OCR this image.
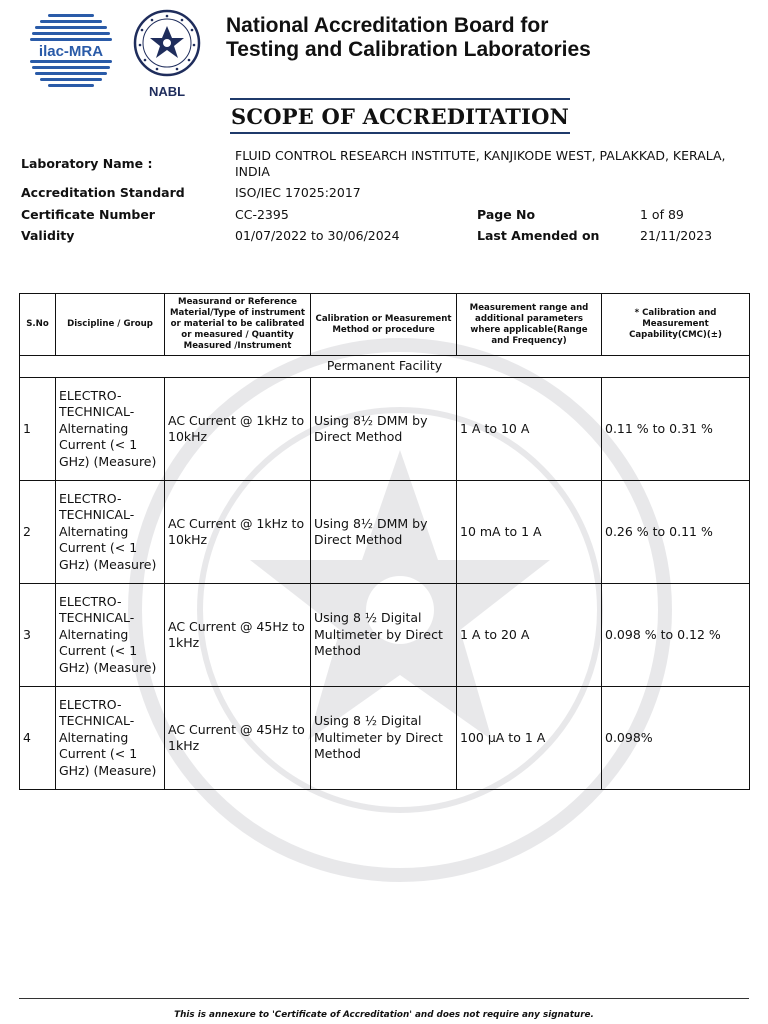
ilac-MRA
NABL
National Accreditation Board for
Testing and Calibration Laboratories
SCOPE OF ACCREDITATION
Laboratory Name :
FLUID CONTROL RESEARCH INSTITUTE, KANJIKODE WEST, PALAKKAD, KERALA,
INDIA
Accreditation Standard	ISO/IEC 17025:2017
Certificate Number	CC-2395	Page No	1 of 89
Validity	01/07/2022 to 30/06/2024	Last Amended on	21/11/2023
S.No	Discipline / Group	Measurand or Reference Material/Type of instrument or material to be calibrated or measured / Quantity Measured /Instrument	Calibration or Measurement Method or procedure	Measurement range and additional parameters where applicable(Range and Frequency)	* Calibration and Measurement Capability(CMC)(±)
Permanent Facility					
1	ELECTRO-TECHNICAL- Alternating Current (< 1 GHz) (Measure)	AC Current @ 1kHz to 10kHz	Using 8½ DMM by Direct Method	1 A to 10 A	0.11 % to 0.31 %
2	ELECTRO-TECHNICAL- Alternating Current (< 1 GHz) (Measure)	AC Current @ 1kHz to 10kHz	Using 8½ DMM by Direct Method	10 mA to 1 A	0.26 % to 0.11 %
3	ELECTRO-TECHNICAL- Alternating Current (< 1 GHz) (Measure)	AC Current @ 45Hz to 1kHz	Using 8 ½ Digital Multimeter by Direct Method	1 A to 20 A	0.098 % to 0.12 %
4	ELECTRO-TECHNICAL- Alternating Current (< 1 GHz) (Measure)	AC Current @ 45Hz to 1kHz	Using 8 ½ Digital Multimeter by Direct Method	100 µA to 1 A	0.098%
This is annexure to 'Certificate of Accreditation' and does not require any signature.
